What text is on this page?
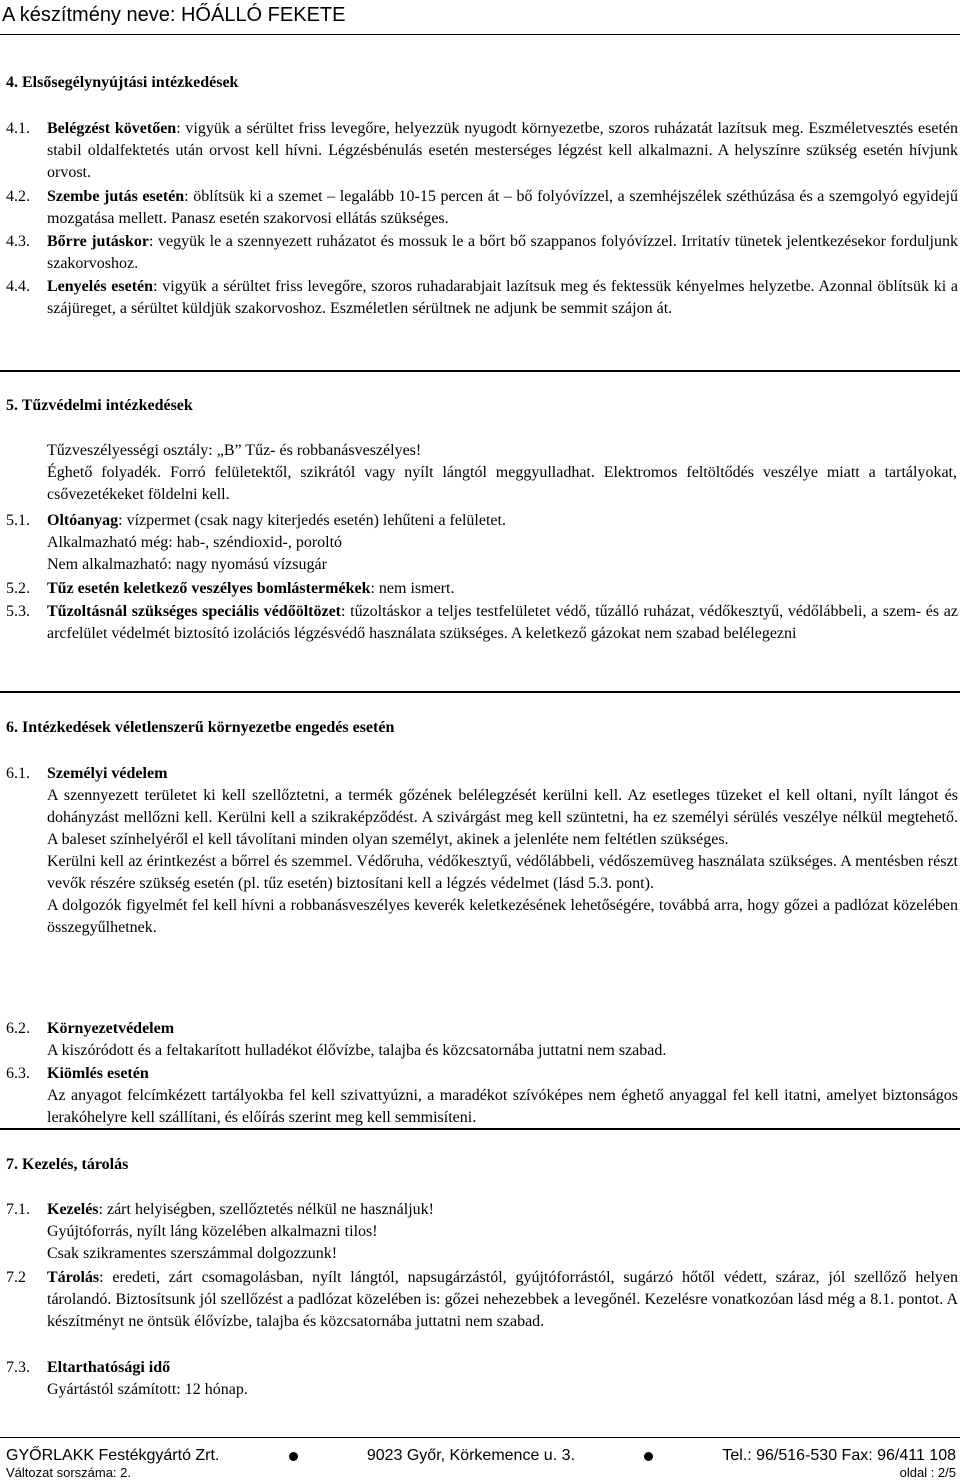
A készítmény neve: HŐÁLLÓ FEKETE
4. Elsősegélynyújtási intézkedések
4.1.	Belégzést követően: vigyük a sérültet friss levegőre, helyezzük nyugodt környezetbe, szoros ruházatát lazítsuk meg. Eszméletvesztés esetén stabil oldalfektetés után orvost kell hívni. Légzésbénulás esetén mesterséges légzést kell alkalmazni. A helyszínre szükség esetén hívjunk orvost.

4.2.	Szembe jutás esetén: öblítsük ki a szemet – legalább 10-15 percen át – bő folyóvízzel, a szemhéjszélek széthúzása és a szemgolyó egyidejű mozgatása mellett. Panasz esetén szakorvosi ellátás szükséges.

4.3.	Bőrre jutáskor: vegyük le a szennyezett ruházatot és mossuk le a bőrt bő szappanos folyóvízzel. Irritatív tünetek jelentkezésekor forduljunk szakorvoshoz.

4.4.	Lenyelés esetén: vigyük a sérültet friss levegőre, szoros ruhadarabjait lazítsuk meg és fektessük kényelmes helyzetbe. Azonnal öblítsük ki a szájüreget, a sérültet küldjük szakorvoshoz. Eszméletlen sérültnek ne adjunk be semmit szájon át.

5. Tűzvédelmi intézkedések

Tűzveszélyességi osztály: „B” Tűz- és robbanásveszélyes!

Éghető folyadék. Forró felületektől, szikrától vagy nyílt lángtól meggyulladhat. Elektromos feltöltődés veszélye miatt a tartályokat, csővezetékeket földelni kell.

5.1.	Oltóanyag: vízpermet (csak nagy kiterjedés esetén) lehűteni a felületet.

Alkalmazható még: hab-, széndioxid-, poroltó

Nem alkalmazható: nagy nyomású vízsugár

5.2.	Tűz esetén keletkező veszélyes bomlástermékek: nem ismert.

5.3.	Tűzoltásnál szükséges speciális védőöltözet: tűzoltáskor a teljes testfelületet védő, tűzálló ruházat, védőkesztyű, védőlábbeli, a szem- és az arcfelület védelmét biztosító izolációs légzésvédő használata szükséges. A keletkező gázokat nem szabad belélegezni

6. Intézkedések véletlenszerű környezetbe engedés esetén
6.1.	Személyi védelem

A szennyezett területet ki kell szellőztetni, a termék gőzének belélegzését kerülni kell. Az esetleges tüzeket el kell oltani, nyílt lángot és dohányzást mellőzni kell. Kerülni kell a szikraképződést. A szivárgást meg kell szüntetni, ha ez személyi sérülés veszélye nélkül megtehető. A baleset színhelyéről el kell távolítani minden olyan személyt, akinek a jelenléte nem feltétlen szükséges.

Kerülni kell az érintkezést a bőrrel és szemmel. Védőruha, védőkesztyű, védőlábbeli, védőszemüveg használata szükséges. A mentésben részt vevők részére szükség esetén (pl. tűz esetén) biztosítani kell a légzés védelmet (lásd 5.3. pont).

A dolgozók figyelmét fel kell hívni a robbanásveszélyes keverék keletkezésének lehetőségére, továbbá arra, hogy gőzei a padlózat közelében összegyűlhetnek.

6.2.	Környezetvédelem

A kiszóródott és a feltakarított hulladékot élővízbe, talajba és közcsatornába juttatni nem szabad.

6.3.	Kiömlés esetén

Az anyagot felcímkézett tartályokba fel kell szivattyúzni, a maradékot szívóképes nem éghető anyaggal fel kell itatni, amelyet biztonságos lerakóhelyre kell szállítani, és előírás szerint meg kell semmisíteni.

7. Kezelés, tárolás
7.1.	Kezelés: zárt helyiségben, szellőztetés nélkül ne használjuk!

Gyújtóforrás, nyílt láng közelében alkalmazni tilos!

Csak szikramentes szerszámmal dolgozzunk!

7.2	Tárolás: eredeti, zárt csomagolásban, nyílt lángtól, napsugárzástól, gyújtóforrástól, sugárzó hőtől védett, száraz, jól szellőző helyen tárolandó. Biztosítsunk jól szellőzést a padlózat közelében is: gőzei nehezebbek a levegőnél. Kezelésre vonatkozóan lásd még a 8.1. pontot. A készítményt ne öntsük élővízbe, talajba és közcsatornába juttatni nem szabad.

7.3.	Eltarthatósági idő

Gyártástól számított: 12 hónap.

GYŐRLAKK Festékgyártó Zrt.	9023 Győr, Körkemence u. 3.	Tel.: 96/516-530 Fax: 96/411 108
Változat sorszáma: 2.	oldal : 2/5
